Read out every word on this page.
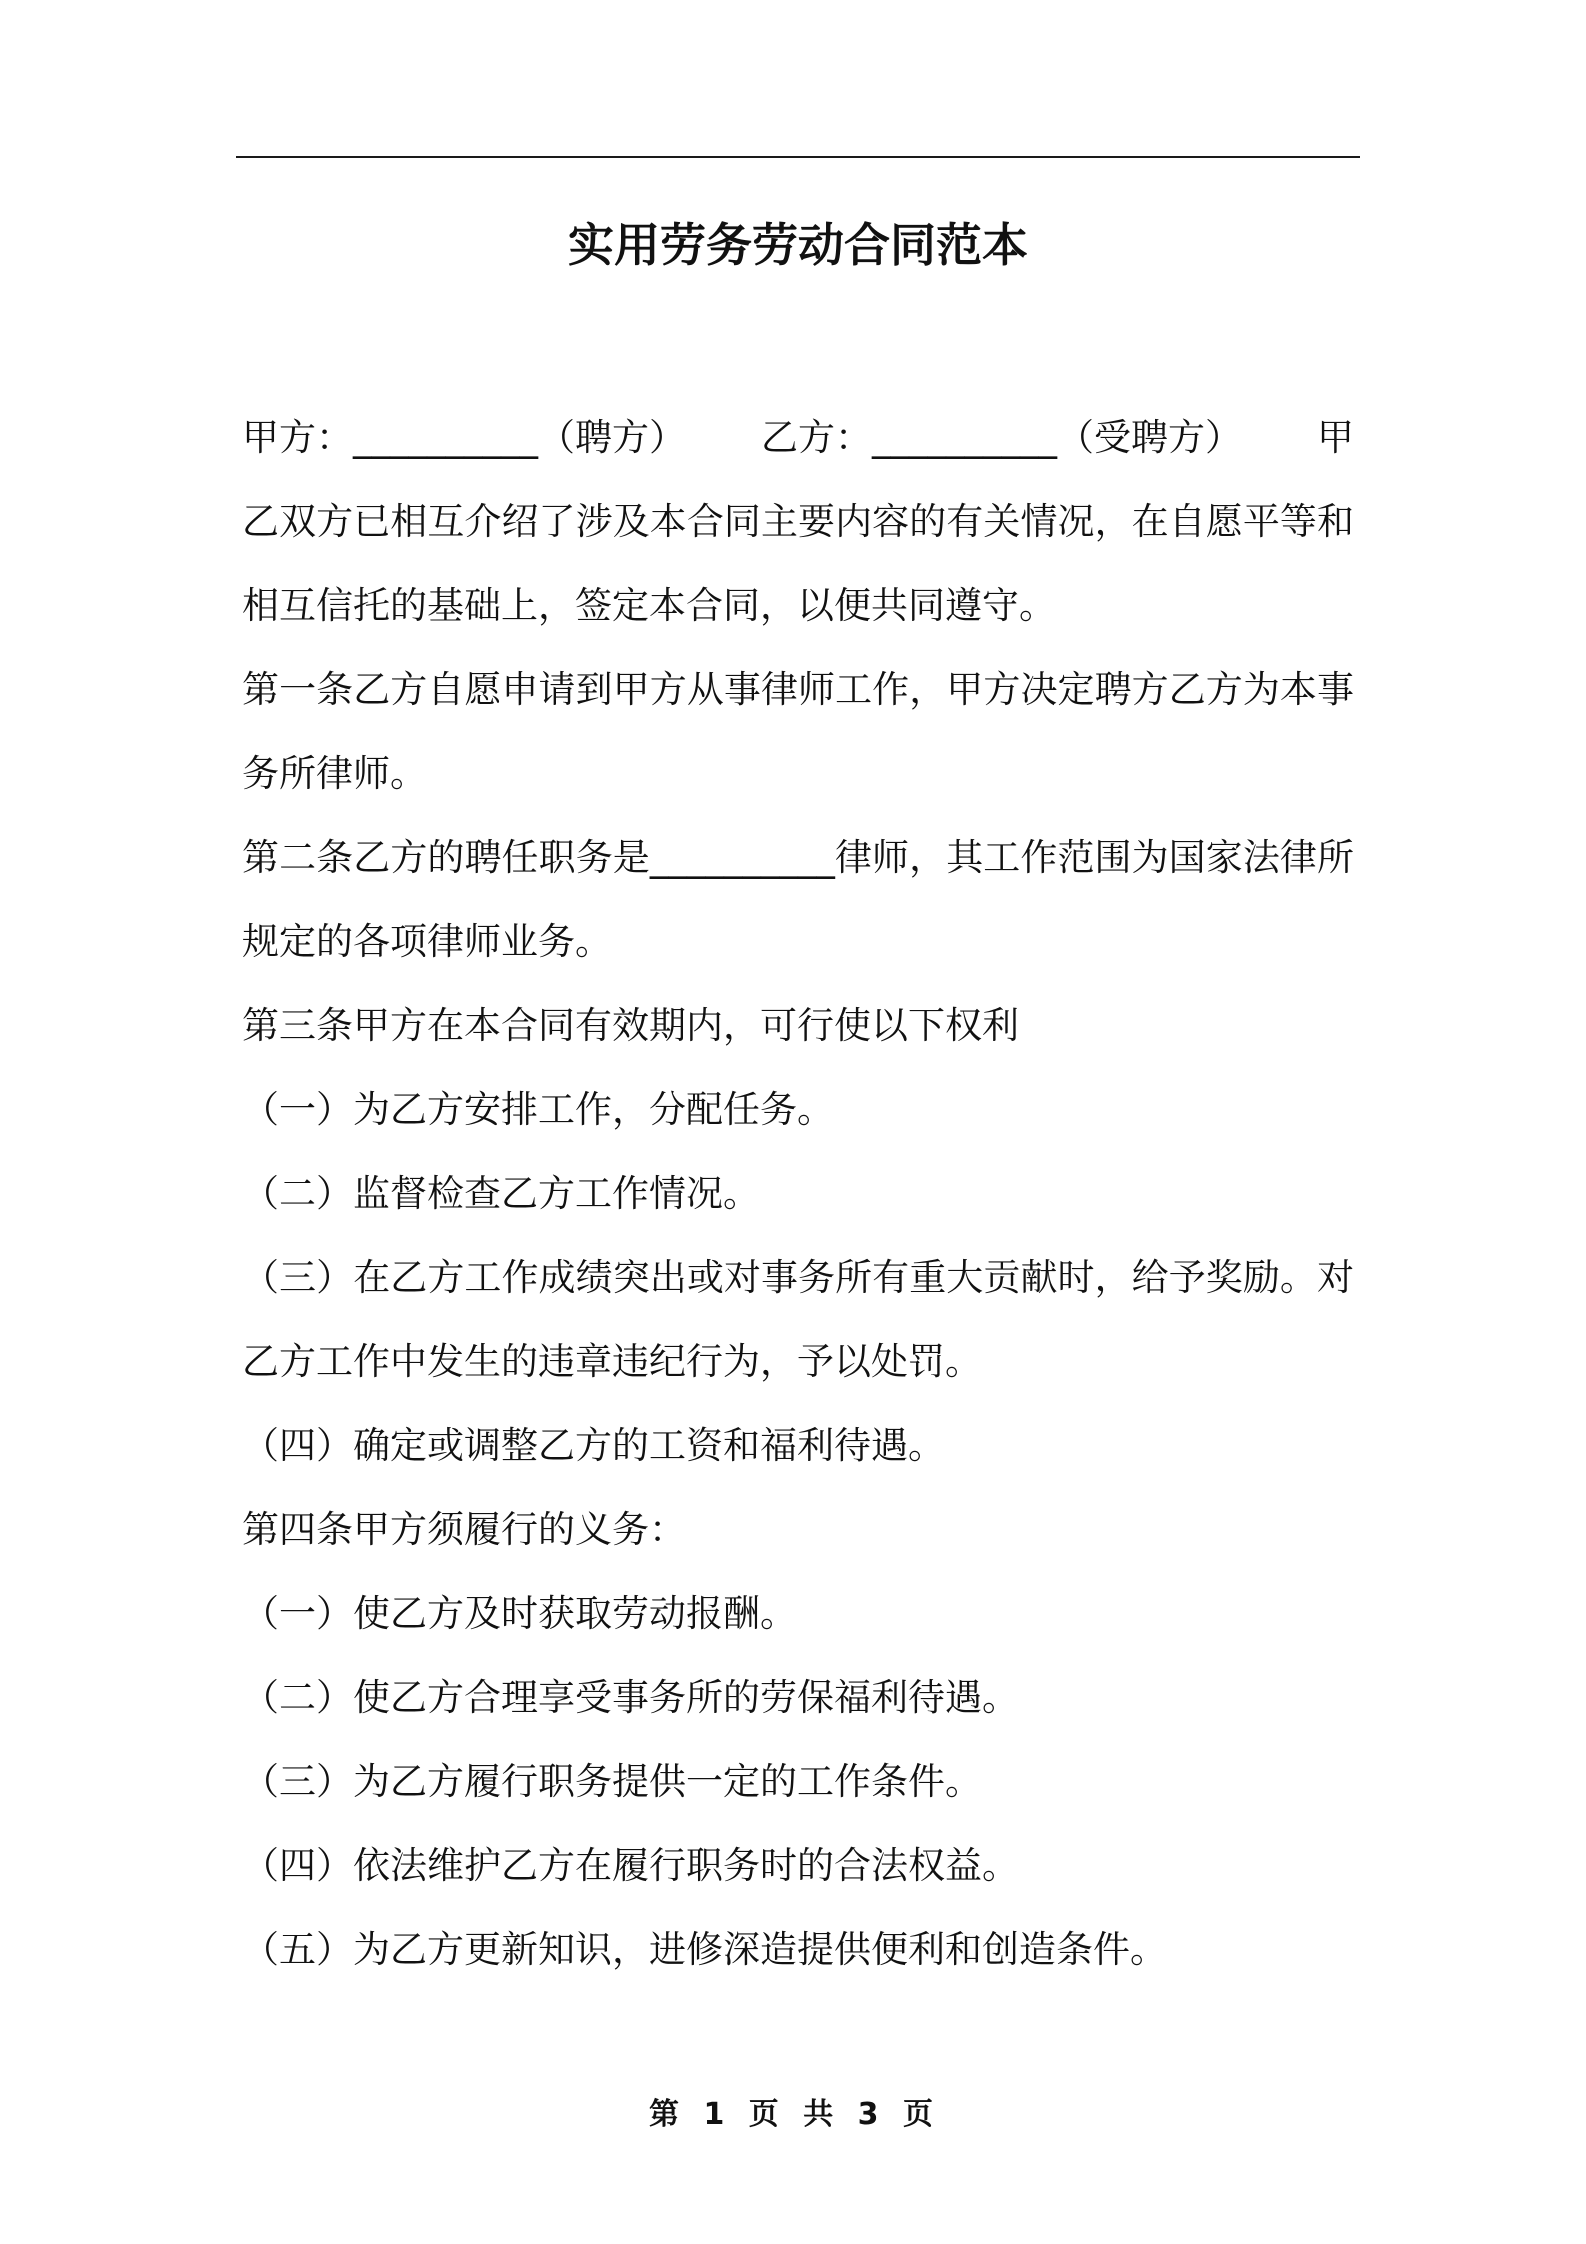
实用劳务劳动合同范本
甲方：__________（聘方） 乙方：__________（受聘方） 甲

乙双方已相互介绍了涉及本合同主要内容的有关情况，在自愿平等和

相互信托的基础上，签定本合同，以便共同遵守。

第一条乙方自愿申请到甲方从事律师工作，甲方决定聘方乙方为本事

务所律师。

第二条乙方的聘任职务是__________律师，其工作范围为国家法律所

规定的各项律师业务。

第三条甲方在本合同有效期内，可行使以下权利

（一）为乙方安排工作，分配任务。

（二）监督检查乙方工作情况。

（三）在乙方工作成绩突出或对事务所有重大贡献时，给予奖励。对

乙方工作中发生的违章违纪行为，予以处罚。

（四）确定或调整乙方的工资和福利待遇。

第四条甲方须履行的义务：

（一）使乙方及时获取劳动报酬。

（二）使乙方合理享受事务所的劳保福利待遇。

（三）为乙方履行职务提供一定的工作条件。

（四）依法维护乙方在履行职务时的合法权益。

（五）为乙方更新知识，进修深造提供便利和创造条件。

第 1 页 共 3 页
